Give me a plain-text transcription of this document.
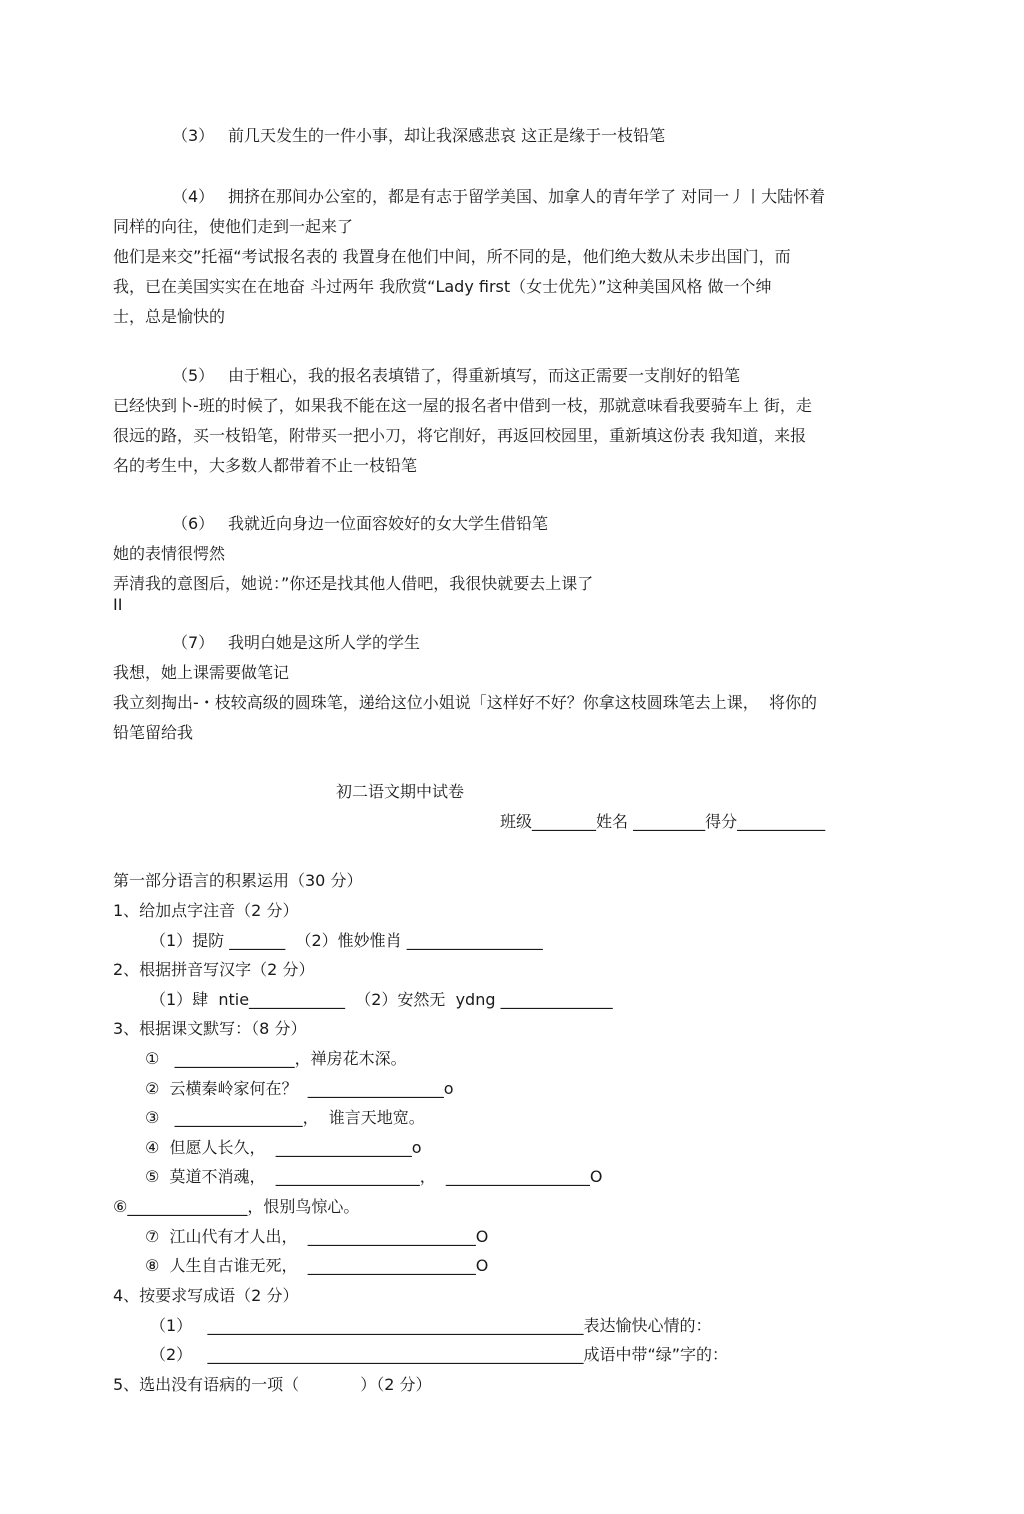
（3） 前几天发生的一件小事，却让我深感悲哀 这正是缘于一枝铅笔
（4） 拥挤在那间办公室的，都是有志于留学美国、加拿人的青年学了 对同一丿丨大陆怀着
同样的向往，使他们走到一起来了
他们是来交”托福“考试报名表的 我置身在他们中间，所不同的是，他们绝大数从未步出国门，而
我，已在美国实实在在地奋 斗过两年 我欣赏“Lady first（女士优先）”这种美国风格 做一个绅
士，总是愉快的
（5） 由于粗心，我的报名表填错了，得重新填写，而这正需要一支削好的铅笔
已经快到卜-班的时候了，如果我不能在这一屋的报名者中借到一枝，那就意味看我要骑车上 街，走
很远的路，买一枝铅笔，附带买一把小刀，将它削好，再返回校园里，重新填这份表 我知道，来报
名的考生中，大多数人都带着不止一枝铅笔
（6） 我就近向身边一位面容姣好的女大学生借铅笔
她的表情很愕然
弄清我的意图后，她说：”你还是找其他人借吧，我很快就要去上课了
II
（7） 我明白她是这所人学的学生
我想，她上课需要做笔记
我立刻掏出-・枝较高级的圆珠笔，递给这位小姐说「这样好不好？你拿这枝圆珠笔去上课，  将你的
铅笔留给我
初二语文期中试卷
班级________姓名 _________得分___________
第一部分语言的积累运用（30 分）
1、给加点字注音（2 分）
（1）提防 _______  （2）惟妙惟肖 _________________
2、根据拼音写汉字（2 分）
（1）肆  ntie____________  （2）安然无  ydng ______________
3、根据课文默写：（8 分）
①   _______________，禅房花木深。
②  云横秦岭家何在？  _________________o
③   ________________，  谁言天地宽。
④  但愿人长久，  _________________o
⑤  莫道不消魂，  __________________，  __________________O
⑥_______________，恨别鸟惊心。
⑦  江山代有才人出，  _____________________O
⑧  人生自古谁无死，  _____________________O
4、按要求写成语（2 分）
（1）   _______________________________________________表达愉快心情的：
（2）   _______________________________________________成语中带“绿”字的：
5、选出没有语病的一项（            ）（2 分）
